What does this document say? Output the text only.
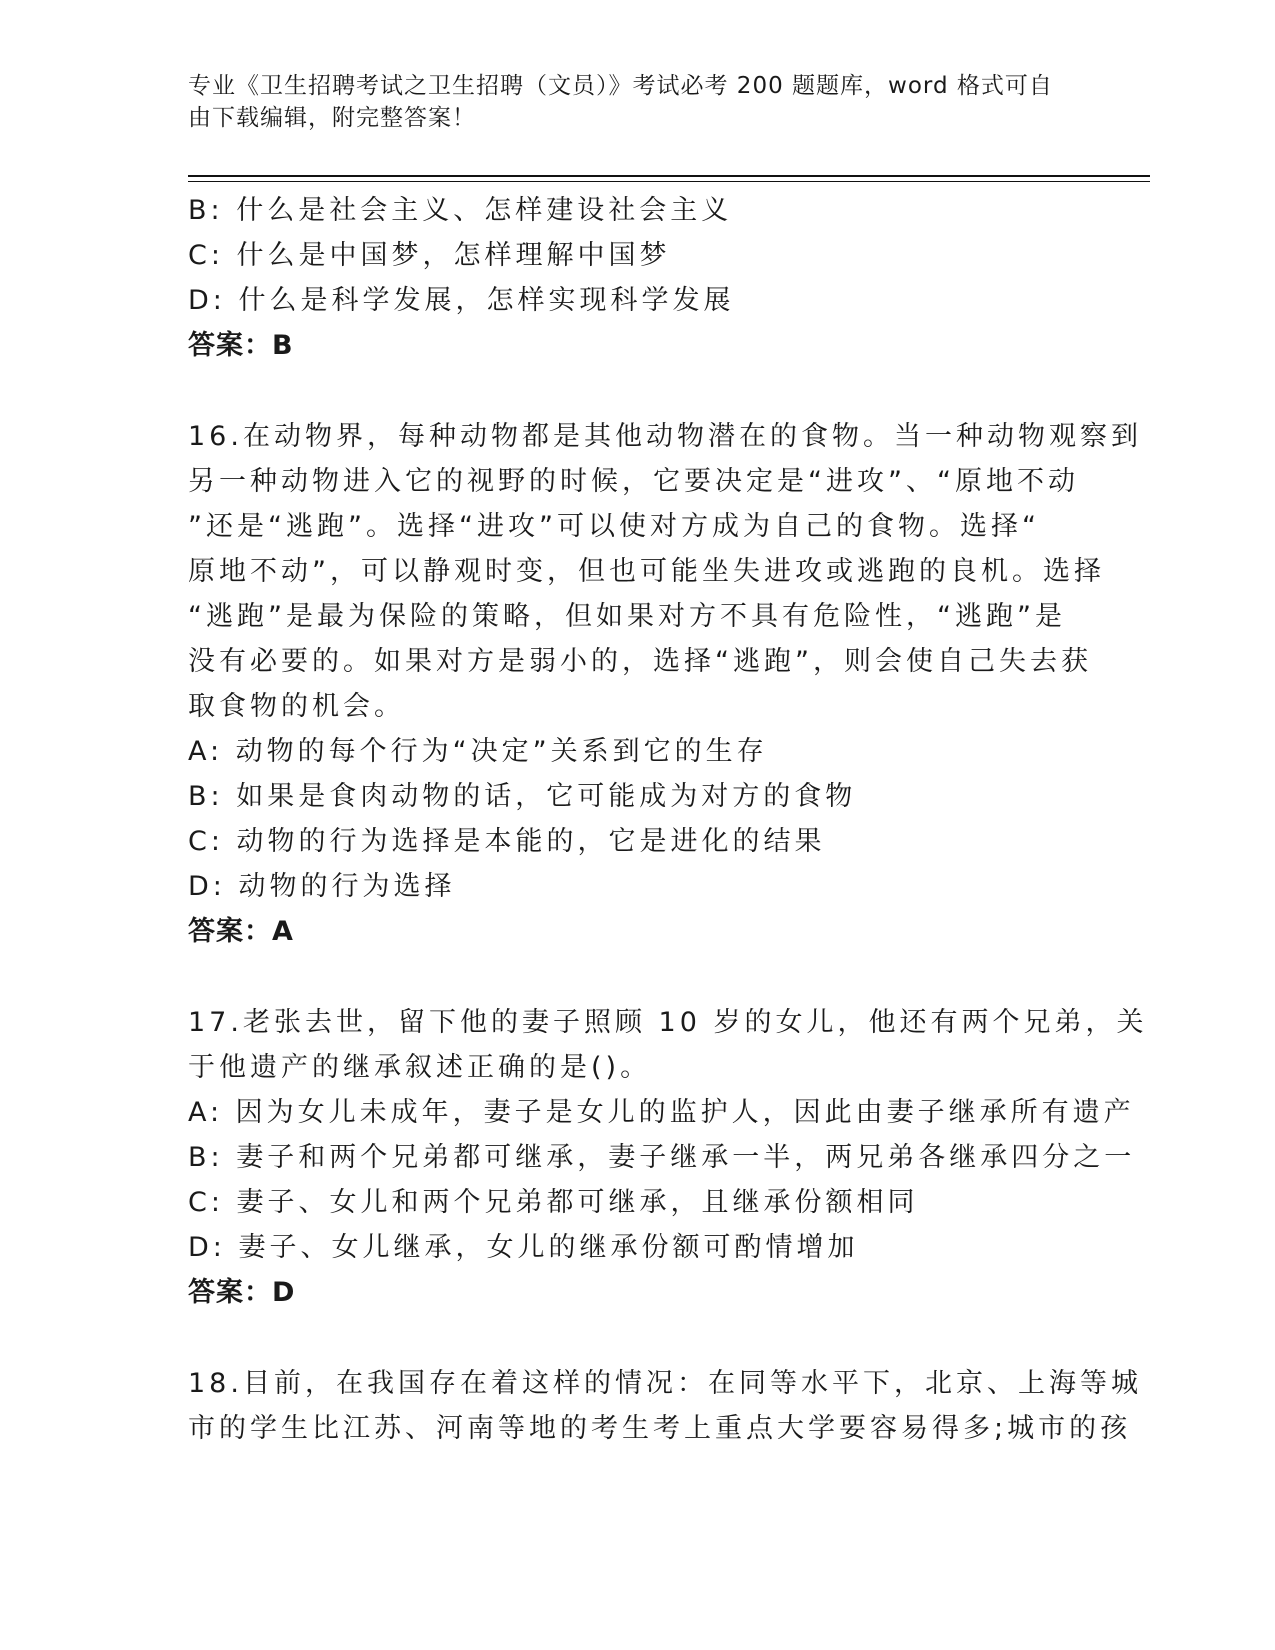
专业《卫生招聘考试之卫生招聘（文员）》考试必考 200 题题库，word 格式可自
由下载编辑，附完整答案！
B: 什么是社会主义、怎样建设社会主义
C: 什么是中国梦，怎样理解中国梦
D: 什么是科学发展，怎样实现科学发展
答案：B
16.在动物界，每种动物都是其他动物潜在的食物。当一种动物观察到
另一种动物进入它的视野的时候，它要决定是“进攻”、“原地不动
”还是“逃跑”。选择“进攻”可以使对方成为自己的食物。选择“
原地不动”，可以静观时变，但也可能坐失进攻或逃跑的良机。选择
“逃跑”是最为保险的策略，但如果对方不具有危险性，“逃跑”是
没有必要的。如果对方是弱小的，选择“逃跑”，则会使自己失去获
取食物的机会。
A: 动物的每个行为“决定”关系到它的生存
B: 如果是食肉动物的话，它可能成为对方的食物
C: 动物的行为选择是本能的，它是进化的结果
D: 动物的行为选择
答案：A
17.老张去世，留下他的妻子照顾 10 岁的女儿，他还有两个兄弟，关
于他遗产的继承叙述正确的是()。
A: 因为女儿未成年，妻子是女儿的监护人，因此由妻子继承所有遗产
B: 妻子和两个兄弟都可继承，妻子继承一半，两兄弟各继承四分之一
C: 妻子、女儿和两个兄弟都可继承，且继承份额相同
D: 妻子、女儿继承，女儿的继承份额可酌情增加
答案：D
18.目前，在我国存在着这样的情况：在同等水平下，北京、上海等城
市的学生比江苏、河南等地的考生考上重点大学要容易得多;城市的孩
